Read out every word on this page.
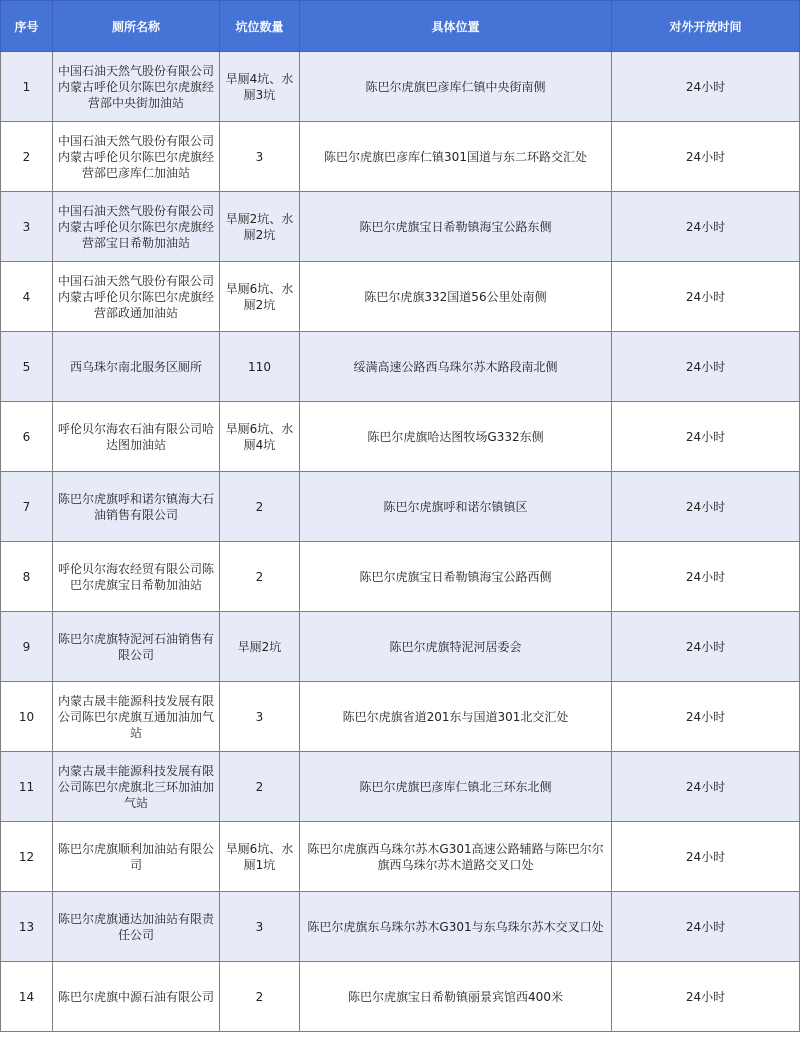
序号	厕所名称	坑位数量	具体位置	对外开放时间
1	中国石油天然气股份有限公司内蒙古呼伦贝尔陈巴尔虎旗经营部中央街加油站	旱厕4坑、水厕3坑	陈巴尔虎旗巴彦库仁镇中央街南侧	24小时
2	中国石油天然气股份有限公司内蒙古呼伦贝尔陈巴尔虎旗经营部巴彦库仁加油站	3	陈巴尔虎旗巴彦库仁镇301国道与东二环路交汇处	24小时
3	中国石油天然气股份有限公司内蒙古呼伦贝尔陈巴尔虎旗经营部宝日希勒加油站	旱厕2坑、水厕2坑	陈巴尔虎旗宝日希勒镇海宝公路东侧	24小时
4	中国石油天然气股份有限公司内蒙古呼伦贝尔陈巴尔虎旗经营部政通加油站	旱厕6坑、水厕2坑	陈巴尔虎旗332国道56公里处南侧	24小时
5	西乌珠尔南北服务区厕所	110	绥满高速公路西乌珠尔苏木路段南北侧	24小时
6	呼伦贝尔海农石油有限公司哈达图加油站	旱厕6坑、水厕4坑	陈巴尔虎旗哈达图牧场G332东侧	24小时
7	陈巴尔虎旗呼和诺尔镇海大石油销售有限公司	2	陈巴尔虎旗呼和诺尔镇镇区	24小时
8	呼伦贝尔海农经贸有限公司陈巴尔虎旗宝日希勒加油站	2	陈巴尔虎旗宝日希勒镇海宝公路西侧	24小时
9	陈巴尔虎旗特泥河石油销售有限公司	旱厕2坑	陈巴尔虎旗特泥河居委会	24小时
10	内蒙古晟丰能源科技发展有限公司陈巴尔虎旗互通加油加气站	3	陈巴尔虎旗省道201东与国道301北交汇处	24小时
11	内蒙古晟丰能源科技发展有限公司陈巴尔虎旗北三环加油加气站	2	陈巴尔虎旗巴彦库仁镇北三环东北侧	24小时
12	陈巴尔虎旗顺利加油站有限公司	旱厕6坑、水厕1坑	陈巴尔虎旗西乌珠尔苏木G301高速公路辅路与陈巴尔尔旗西乌珠尔苏木道路交叉口处	24小时
13	陈巴尔虎旗通达加油站有限责任公司	3	陈巴尔虎旗东乌珠尔苏木G301与东乌珠尔苏木交叉口处	24小时
14	陈巴尔虎旗中源石油有限公司	2	陈巴尔虎旗宝日希勒镇丽景宾馆西400米	24小时
